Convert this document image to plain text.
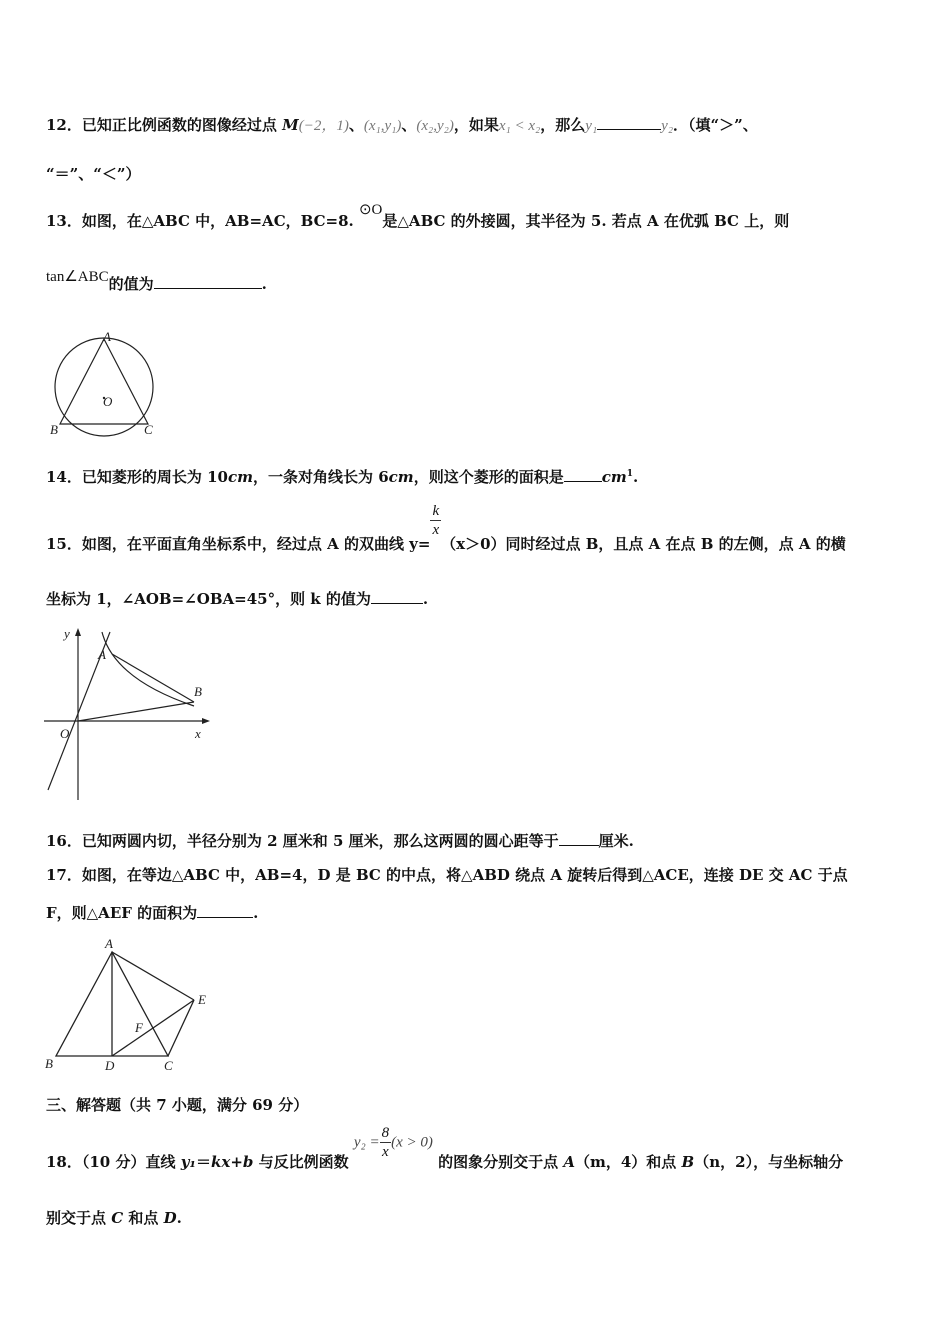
12．已知正比例函数的图像经过点 M(−2，1)、(x₁,y₁)、(x₂,y₂)，如果x₁ < x₂，那么y₁	y₂．（填“＞”、
“＝”、“＜”）
13．如图，在△ABC 中，AB=AC，BC=8. ⊙O是△ABC 的外接圆，其半径为 5. 若点 A 在优弧 BC 上，则
tan∠ABC的值为	.
A
B	C
O
14．已知菱形的周长为 10cm，一条对角线长为 6cm，则这个菱形的面积是	$cm^1$.
15．如图，在平面直角坐标系中，经过点 A 的双曲线 y=
$\frac{k}{x}$
（x＞0）同时经过点 B，且点 A 在点 B 的左侧，点 A 的横
坐标为 1，∠AOB=∠OBA=45°，则 k 的值为	.
y
A
B
O	x
16．已知两圆内切，半径分别为 2 厘米和 5 厘米，那么这两圆的圆心距等于	厘米.
17．如图，在等边△ABC 中，AB=4，D 是 BC 的中点，将△ABD 绕点 A 旋转后得到△ACE，连接 DE 交 AC 于点
F，则△AEF 的面积为	.
A
B	C
D
E
F
三、解答题（共 7 小题，满分 69 分）
18．（10 分）直线 y₁＝kx+b 与反比例函数 $y_2 = \frac{8}{x} (x > 0)$ 的图象分别交于点 A（m，4）和点 B（n，2），与坐标轴分
别交于点 C 和点 D.
